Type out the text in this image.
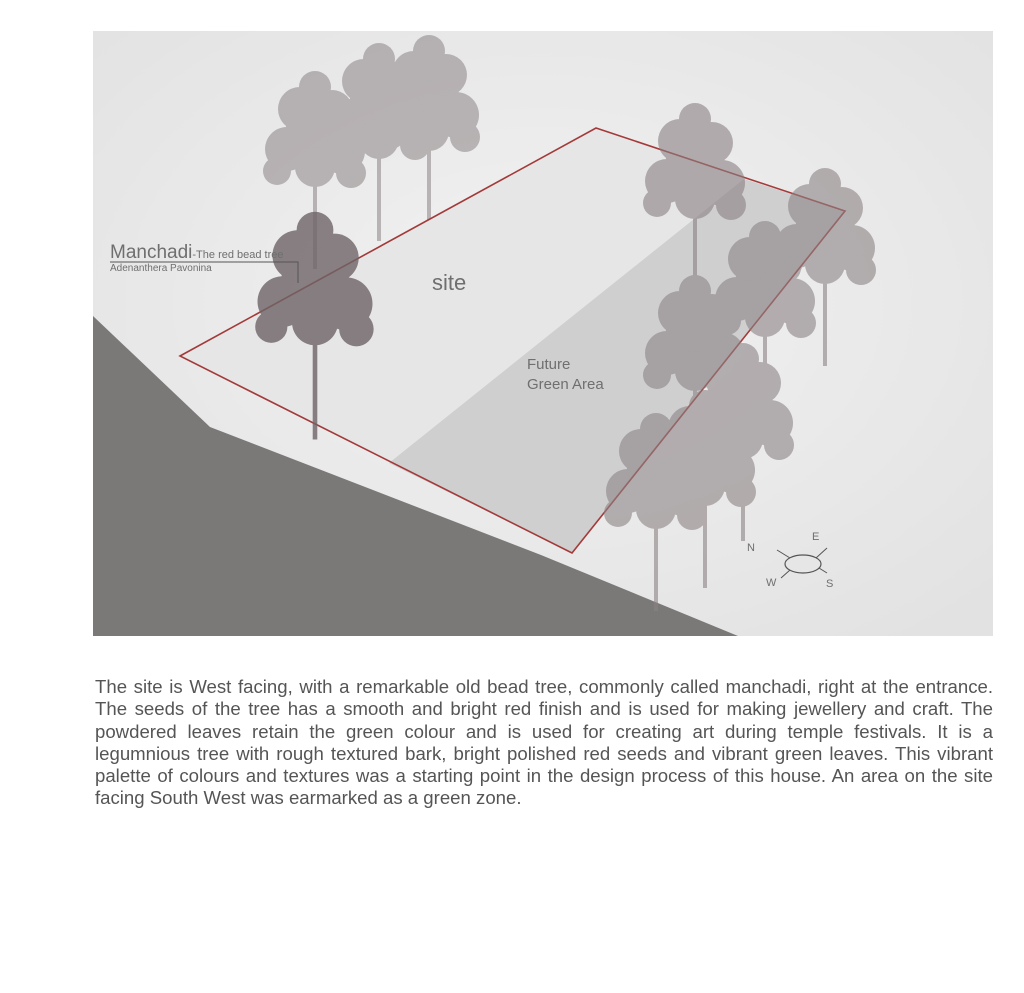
site
Future
Green Area
Manchadi-The red bead tree
Adenanthera Pavonina
N
E
S
W

The site is West facing, with a remarkable old bead tree, commonly called manchadi, right at the entrance. The seeds of the tree has a smooth and bright red finish and is used for making jewellery and craft. The powdered leaves retain the green colour and is used for creating art during temple festivals. It is a legumnious tree with rough textured bark, bright polished red seeds and vibrant green leaves. This vibrant palette of colours and textures was a starting point in the design process of this house. An area on the site facing South West was earmarked as a green zone.
